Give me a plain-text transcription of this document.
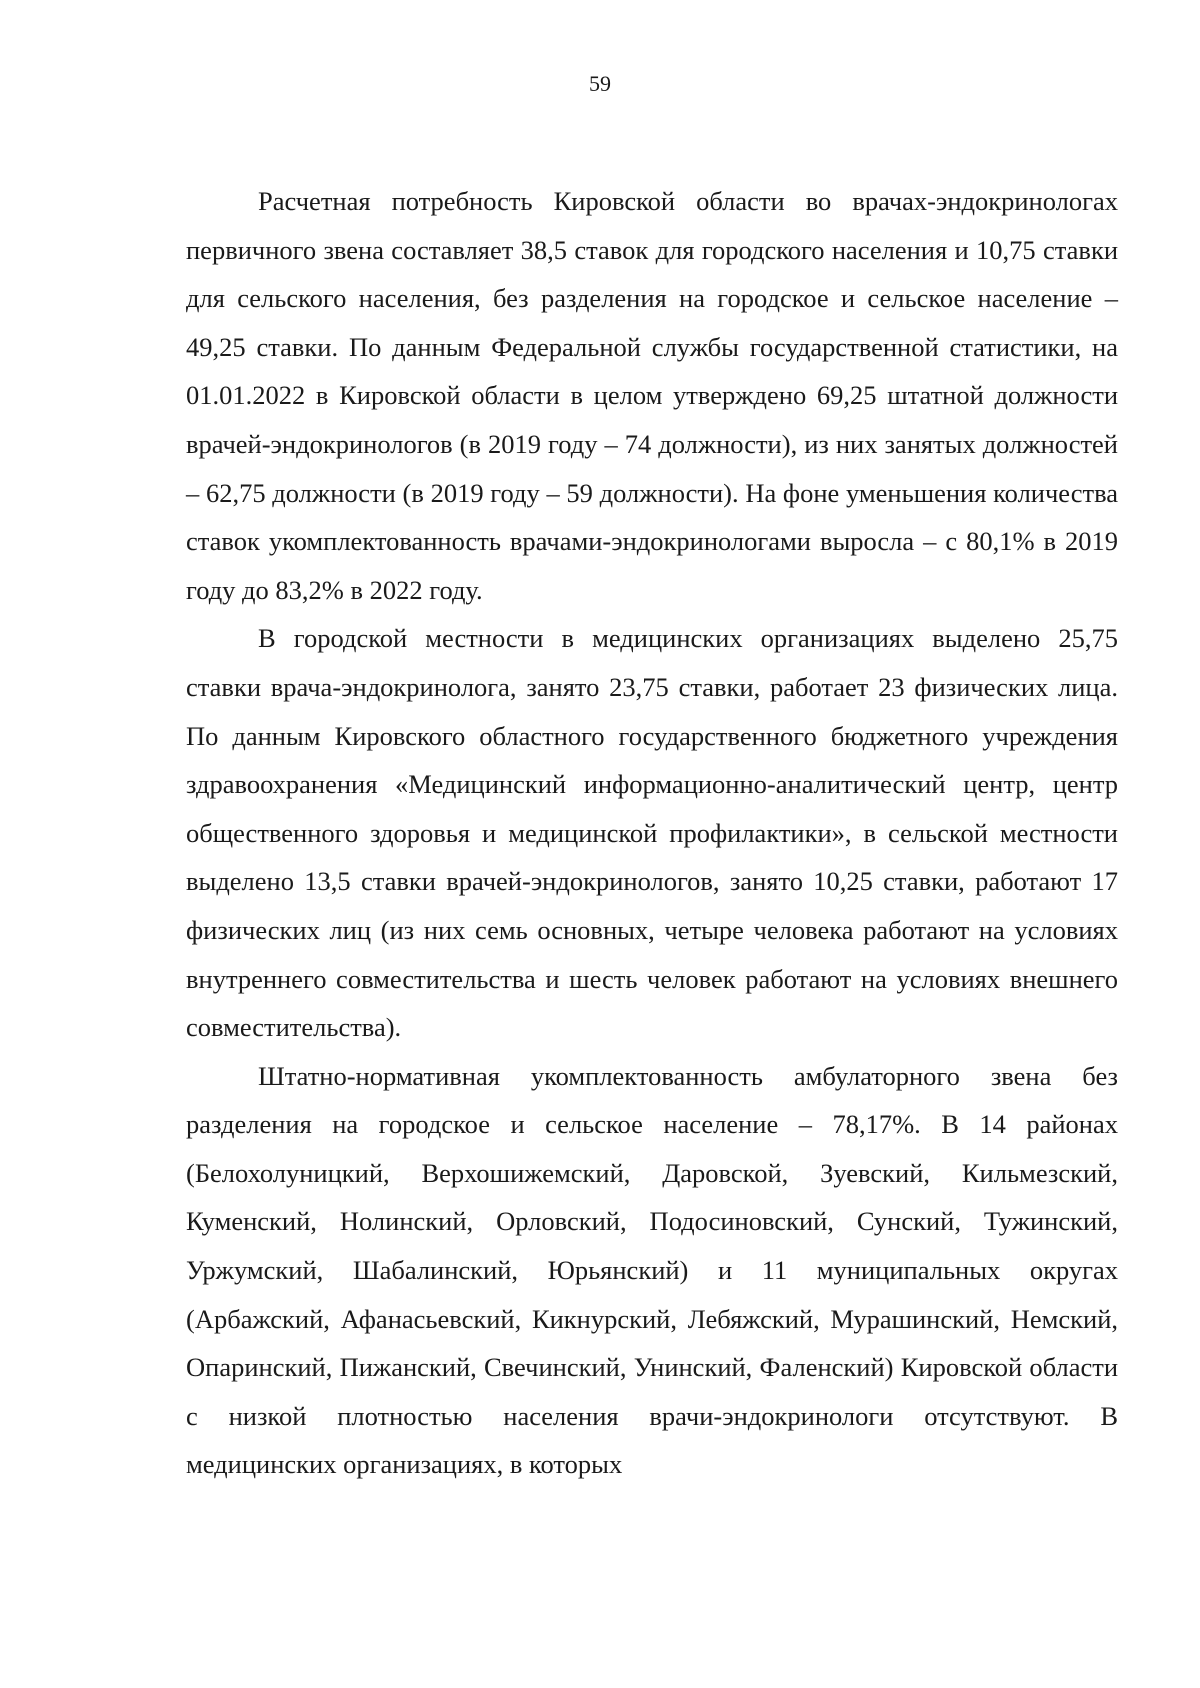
59

Расчетная потребность Кировской области во врачах-эндокринологах первичного звена составляет 38,5 ставок для городского населения и 10,75 ставки для сельского населения, без разделения на городское и сельское население – 49,25 ставки. По данным Федеральной службы государственной статистики, на 01.01.2022 в Кировской области в целом утверждено 69,25 штатной должности врачей-эндокринологов (в 2019 году – 74 должности), из них занятых должностей – 62,75 должности (в 2019 году – 59 должности). На фоне уменьшения количества ставок укомплектованность врачами-эндокринологами выросла – с 80,1% в 2019 году до 83,2% в 2022 году.

В городской местности в медицинских организациях выделено 25,75 ставки врача-эндокринолога, занято 23,75 ставки, работает 23 физических лица. По данным Кировского областного государственного бюджетного учреждения здравоохранения «Медицинский информационно-аналитический центр, центр общественного здоровья и медицинской профилактики», в сельской местности выделено 13,5 ставки врачей-эндокринологов, занято 10,25 ставки, работают 17 физических лиц (из них семь основных, четыре человека работают на условиях внутреннего совместительства и шесть человек работают на условиях внешнего совместительства).

Штатно-нормативная укомплектованность амбулаторного звена без разделения на городское и сельское население – 78,17%. В 14 районах (Белохолуницкий, Верхошижемский, Даровской, Зуевский, Кильмезский, Куменский, Нолинский, Орловский, Подосиновский, Сунский, Тужинский, Уржумский, Шабалинский, Юрьянский) и 11 муниципальных округах (Арбажский, Афанасьевский, Кикнурский, Лебяжский, Мурашинский, Немский, Опаринский, Пижанский, Свечинский, Унинский, Фаленский) Кировской области с низкой плотностью населения врачи-эндокринологи отсутствуют. В медицинских организациях, в которых
